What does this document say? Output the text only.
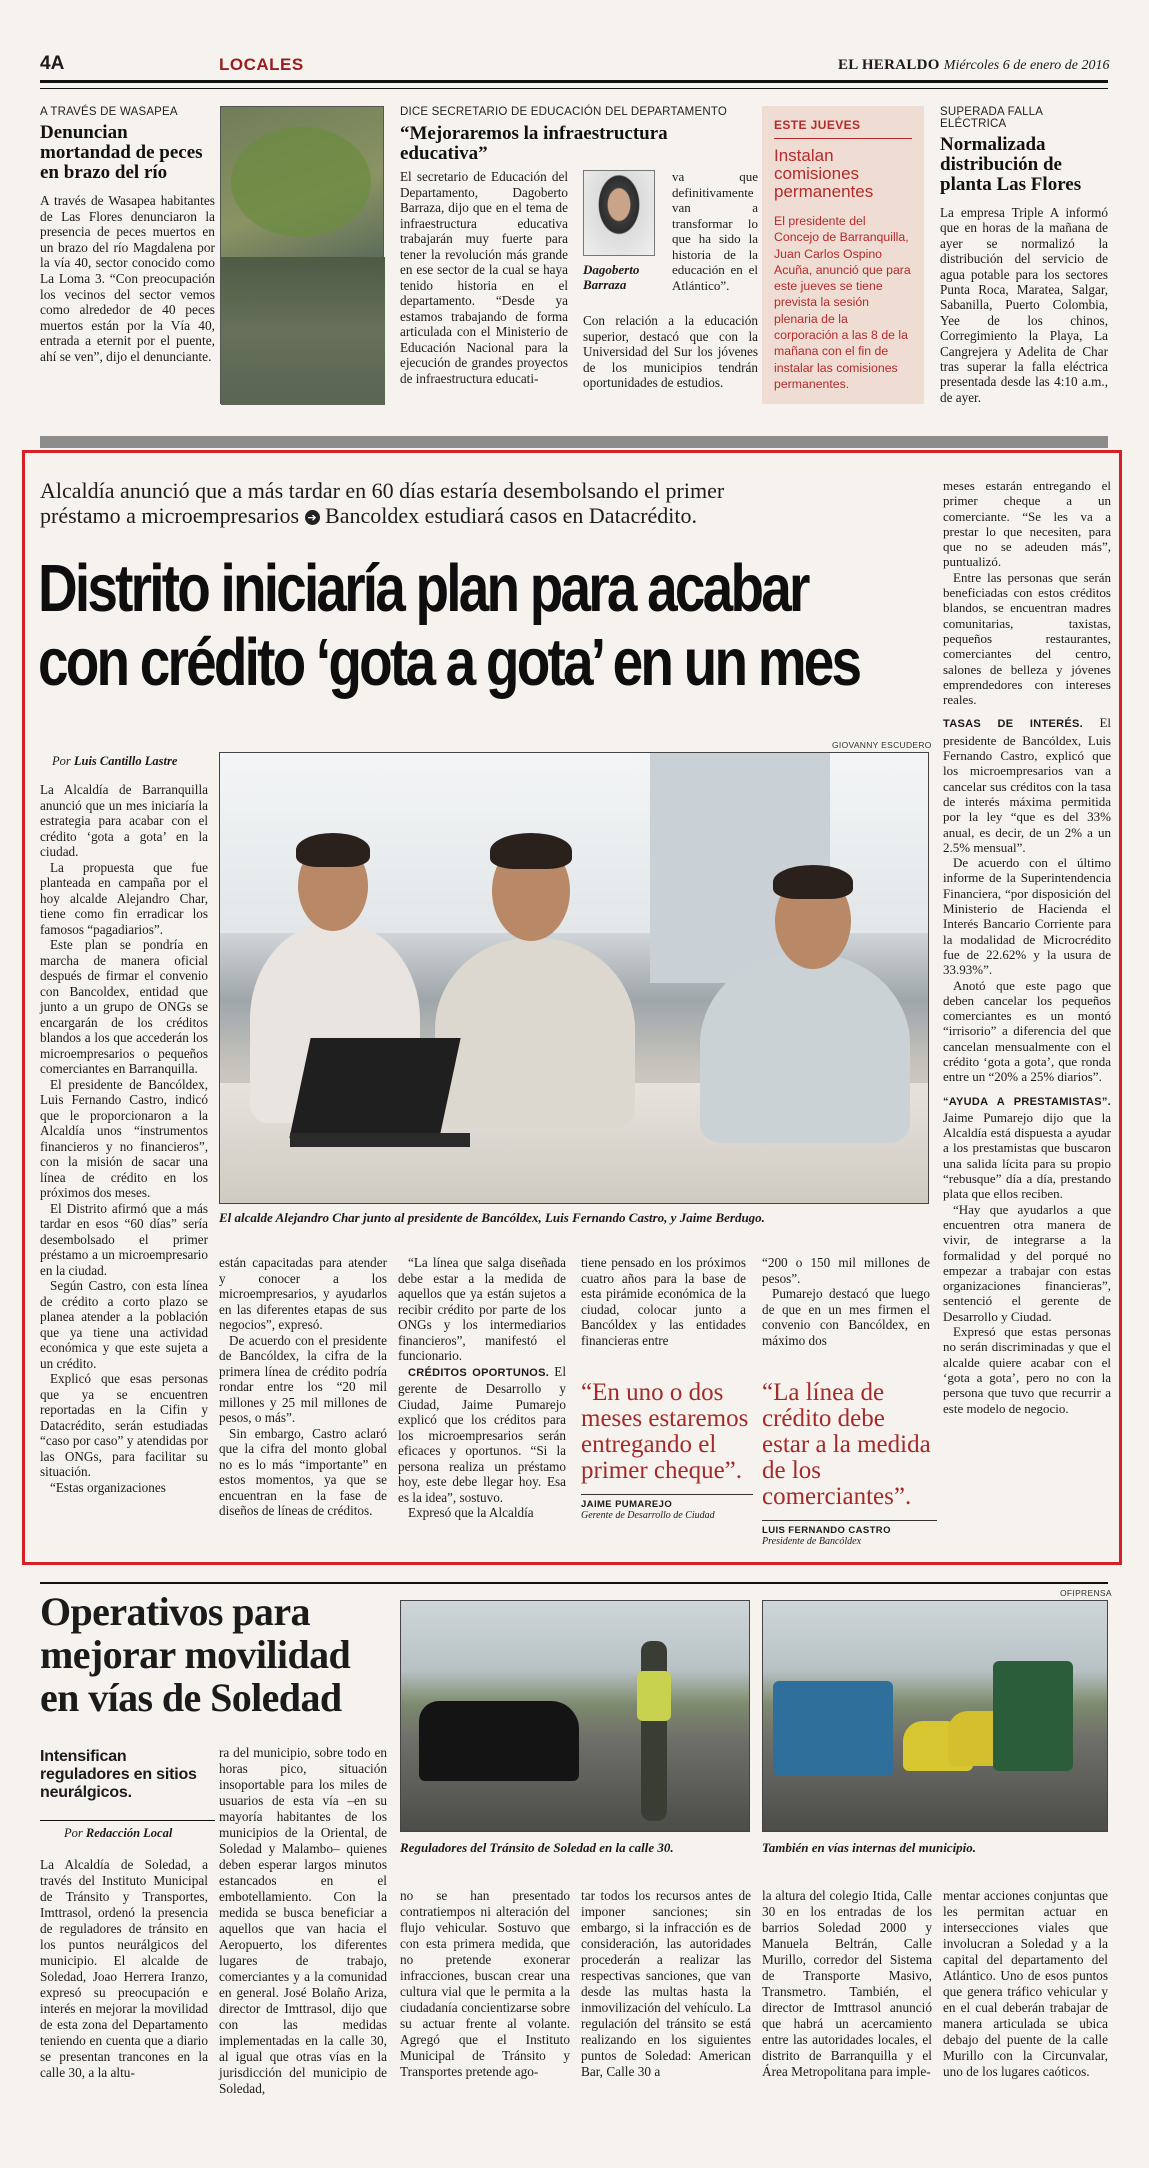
4A	LOCALES	EL HERALDO Miércoles 6 de enero de 2016
A TRAVÉS DE WASAPEA
Denuncian
mortandad de peces
en brazo del río
A través de Wasapea habitantes de Las Flores denunciaron la presencia de peces muertos en un brazo del río Magdalena por la vía 40, sector conocido como La Loma 3. “Con preocupación los vecinos del sector vemos como alrededor de 40 peces muertos están por la Vía 40, entrada a eternit por el puente, ahí se ven”, dijo el denunciante.
DICE SECRETARIO DE EDUCACIÓN DEL DEPARTAMENTO
“Mejoraremos la infraestructura educativa”
El secretario de Educación del Departamento, Dagoberto Barraza, dijo que en el tema de infraestructura educativa trabajarán muy fuerte para tener la revolución más grande en ese sector de la cual se haya tenido historia en el departamento. “Desde ya estamos trabajando de forma articulada con el Ministerio de Educación Nacional para la ejecución de grandes proyectos de infraestructura educati-
Dagoberto
Barraza
va que definitivamente van a transformar lo que ha sido la historia de la educación en el Atlántico”.
Con relación a la educación superior, destacó que con la Universidad del Sur los jóvenes de los municipios tendrán oportunidades de estudios.
ESTE JUEVES
Instalan comisiones permanentes
El presidente del Concejo de Barranquilla, Juan Carlos Ospino Acuña, anunció que para este jueves se tiene prevista la sesión plenaria de la corporación a las 8 de la mañana con el fin de instalar las comisiones permanentes.
SUPERADA FALLA ELÉCTRICA
Normalizada
distribución de
planta Las Flores
La empresa Triple A informó que en horas de la mañana de ayer se normalizó la distribución del servicio de agua potable para los sectores Punta Roca, Maratea, Salgar, Sabanilla, Puerto Colombia, Yee de los chinos, Corregimiento la Playa, La Cangrejera y Adelita de Char tras superar la falla eléctrica presentada desde las 4:10 a.m., de ayer.
Alcaldía anunció que a más tardar en 60 días estaría desembolsando el primer
préstamo a microempresarios ➔ Bancoldex estudiará casos en Datacrédito.
Distrito iniciaría plan para acabar
con crédito ‘gota a gota’ en un mes
Por Luis Cantillo Lastre
GIOVANNY ESCUDERO
El alcalde Alejandro Char junto al presidente de Bancóldex, Luis Fernando Castro, y Jaime Berdugo.

La Alcaldía de Barranquilla anunció que un mes iniciaría la estrategia para acabar con el crédito ‘gota a gota’ en la ciudad.

La propuesta que fue planteada en campaña por el hoy alcalde Alejandro Char, tiene como fin erradicar los famosos “pagadiarios”.

Este plan se pondría en marcha de manera oficial después de firmar el convenio con Bancoldex, entidad que junto a un grupo de ONGs se encargarán de los créditos blandos a los que accederán los microempresarios o pequeños comerciantes en Barranquilla.

El presidente de Bancóldex, Luis Fernando Castro, indicó que le proporcionaron a la Alcaldía unos “instrumentos financieros y no financieros”, con la misión de sacar una línea de crédito en los próximos dos meses.

El Distrito afirmó que a más tardar en esos “60 días” sería desembolsado el primer préstamo a un microempresario en la ciudad.

Según Castro, con esta línea de crédito a corto plazo se planea atender a la población que ya tiene una actividad económica y que este sujeta a un crédito.

Explicó que esas personas que ya se encuentren reportadas en la Cifin y Datacrédito, serán estudiadas “caso por caso” y atendidas por las ONGs, para facilitar su situación.

“Estas organizaciones

están capacitadas para atender y conocer a los microempresarios, y ayudarlos en las diferentes etapas de sus negocios”, expresó.

De acuerdo con el presidente de Bancóldex, la cifra de la primera línea de crédito podría rondar entre los “20 mil millones y 25 mil millones de pesos, o más”.

Sin embargo, Castro aclaró que la cifra del monto global no es lo más “importante” en estos momentos, ya que se encuentran en la fase de diseños de líneas de créditos.

“La línea que salga diseñada debe estar a la medida de aquellos que ya están sujetos a recibir crédito por parte de los ONGs y los intermediarios financieros”, manifestó el funcionario.

CRÉDITOS OPORTUNOS. El gerente de Desarrollo y Ciudad, Jaime Pumarejo explicó que los créditos para los microempresarios serán eficaces y oportunos. “Si la persona realiza un préstamo hoy, este debe llegar hoy. Esa es la idea”, sostuvo.

Expresó que la Alcaldía

tiene pensado en los próximos cuatro años para la base de esta pirámide económica de la ciudad, colocar junto a Bancóldex y las entidades financieras entre

“200 o 150 mil millones de pesos”.

Pumarejo destacó que luego de que en un mes firmen el convenio con Bancóldex, en máximo dos

“En uno o dos meses estaremos entregando el primer cheque”.
JAIME PUMAREJO
Gerente de Desarrollo de Ciudad
“La línea de crédito debe estar a la medida de los comerciantes”.
LUIS FERNANDO CASTRO
Presidente de Bancóldex

meses estarán entregando el primer cheque a un comerciante. “Se les va a prestar lo que necesiten, para que no se adeuden más”, puntualizó.

Entre las personas que serán beneficiadas con estos créditos blandos, se encuentran madres comunitarias, taxistas, pequeños restaurantes, comerciantes del centro, salones de belleza y jóvenes emprendedores con intereses reales.

TASAS DE INTERÉS. El presidente de Bancóldex, Luis Fernando Castro, explicó que los microempresarios van a cancelar sus créditos con la tasa de interés máxima permitida por la ley “que es del 33% anual, es decir, de un 2% a un 2.5% mensual”.

De acuerdo con el último informe de la Superintendencia Financiera, “por disposición del Ministerio de Hacienda el Interés Bancario Corriente para la modalidad de Microcrédito fue de 22.62% y la usura de 33.93%”.

Anotó que este pago que deben cancelar los pequeños comerciantes es un montó “irrisorio” a diferencia del que cancelan mensualmente con el crédito ‘gota a gota’, que ronda entre un “20% a 25% diarios”.

“AYUDA A PRESTAMISTAS”. Jaime Pumarejo dijo que la Alcaldía está dispuesta a ayudar a los prestamistas que buscaron una salida lícita para su propio “rebusque” día a día, prestando plata que ellos reciben.

“Hay que ayudarlos a que encuentren otra manera de vivir, de integrarse a la formalidad y del porqué no empezar a trabajar con estas organizaciones financieras”, sentenció el gerente de Desarrollo y Ciudad.

Expresó que estas personas no serán discriminadas y que el alcalde quiere acabar con el ‘gota a gota’, pero no con la persona que tuvo que recurrir a este modelo de negocio.

Operativos para
mejorar movilidad
en vías de Soledad
Intensifican reguladores en sitios neurálgicos.
Por Redacción Local
OFIPRENSA
Reguladores del Tránsito de Soledad en la calle 30.	También en vías internas del municipio.
La Alcaldía de Soledad, a través del Instituto Municipal de Tránsito y Transportes, Imttrasol, ordenó la presencia de reguladores de tránsito en los puntos neurálgicos del municipio. El alcalde de Soledad, Joao Herrera Iranzo, expresó su preocupación e interés en mejorar la movilidad de esta zona del Departamento teniendo en cuenta que a diario se presentan trancones en la calle 30, a la altu-
ra del municipio, sobre todo en horas pico, situación insoportable para los miles de usuarios de esta vía –en su mayoría habitantes de los municipios de la Oriental, de Soledad y Malambo– quienes deben esperar largos minutos estancados en el embotellamiento. Con la medida se busca beneficiar a aquellos que van hacia el Aeropuerto, los diferentes lugares de trabajo, comerciantes y a la comunidad en general. José Bolaño Ariza, director de Imttrasol, dijo que con las medidas implementadas en la calle 30, al igual que otras vías en la jurisdicción del municipio de Soledad,
no se han presentado contratiempos ni alteración del flujo vehicular. Sostuvo que con esta primera medida, que no pretende exonerar infracciones, buscan crear una cultura vial que le permita a la ciudadanía concientizarse sobre su actuar frente al volante. Agregó que el Instituto Municipal de Tránsito y Transportes pretende ago-
tar todos los recursos antes de imponer sanciones; sin embargo, si la infracción es de consideración, las autoridades procederán a realizar las respectivas sanciones, que van desde las multas hasta la inmovilización del vehículo. La regulación del tránsito se está realizando en los siguientes puntos de Soledad: American Bar, Calle 30 a
la altura del colegio Itida, Calle 30 en los entradas de los barrios Soledad 2000 y Manuela Beltrán, Calle Murillo, corredor del Sistema de Transporte Masivo, Transmetro. También, el director de Imttrasol anunció que habrá un acercamiento entre las autoridades locales, el distrito de Barranquilla y el Área Metropolitana para imple-
mentar acciones conjuntas que les permitan actuar en intersecciones viales que involucran a Soledad y a la capital del departamento del Atlántico. Uno de esos puntos que genera tráfico vehicular y en el cual deberán trabajar de manera articulada se ubica debajo del puente de la calle Murillo con la Circunvalar, uno de los lugares caóticos.
